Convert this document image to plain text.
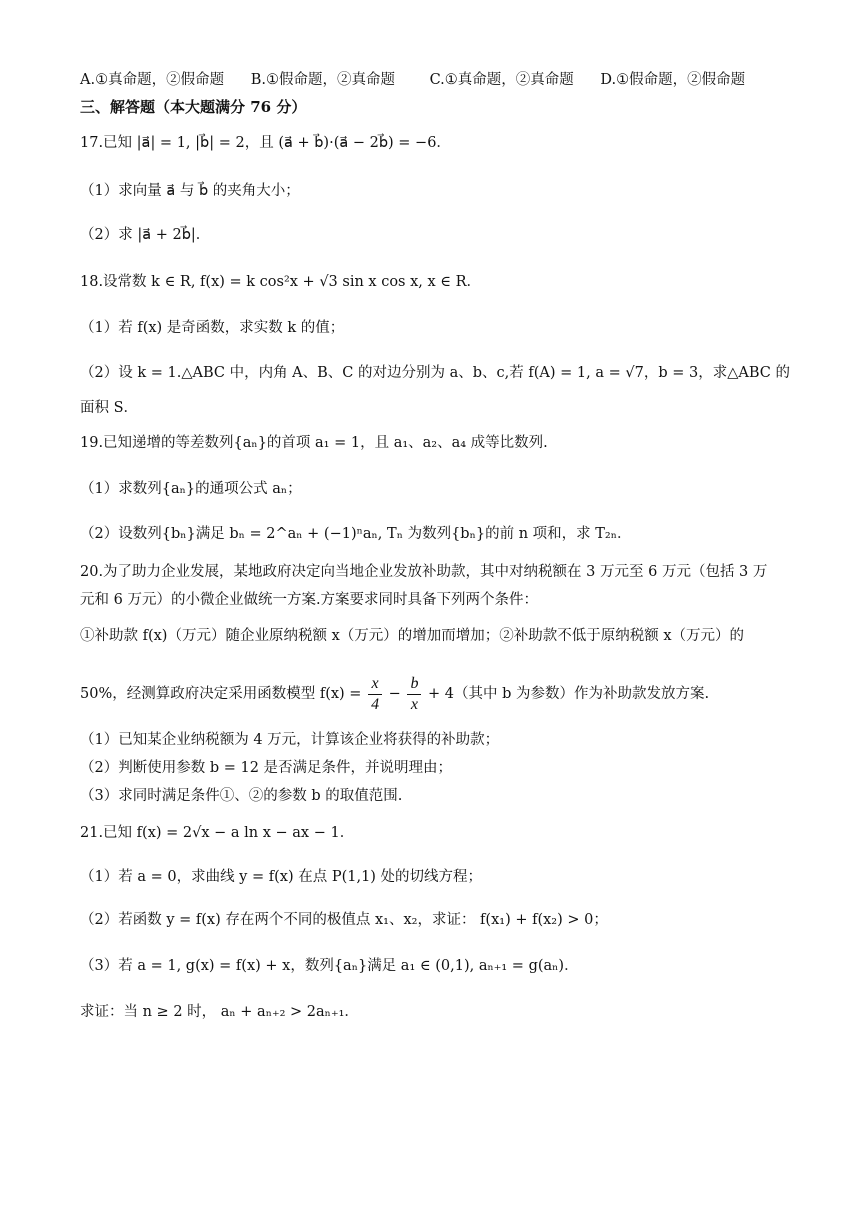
A.①真命题，②假命题 B.①假命题，②真命题 C.①真命题，②真命题 D.①假命题，②假命题
三、解答题（本大题满分 76 分）
17.已知 |a⃗| = 1, |b⃗| = 2，且 (a⃗ + b⃗)·(a⃗ − 2b⃗) = −6．
（1）求向量 a⃗ 与 b⃗ 的夹角大小；
（2）求 |a⃗ + 2b⃗|．
18.设常数 k ∈ R, f(x) = k cos²x + √3 sin x cos x, x ∈ R．
（1）若 f(x) 是奇函数，求实数 k 的值；
（2）设 k = 1.△ABC 中，内角 A、B、C 的对边分别为 a、b、c,若 f(A) = 1, a = √7，b = 3，求△ABC 的
面积 S．
19.已知递增的等差数列{aₙ}的首项 a₁ = 1，且 a₁、a₂、a₄ 成等比数列.
（1）求数列{aₙ}的通项公式 aₙ；
（2）设数列{bₙ}满足 bₙ = 2^aₙ + (−1)ⁿaₙ, Tₙ 为数列{bₙ}的前 n 项和，求 T₂ₙ．
20.为了助力企业发展，某地政府决定向当地企业发放补助款，其中对纳税额在 3 万元至 6 万元（包括 3 万
元和 6 万元）的小微企业做统一方案.方案要求同时具备下列两个条件：
①补助款 f(x)（万元）随企业原纳税额 x（万元）的增加而增加；②补助款不低于原纳税额 x（万元）的
50%，经测算政府决定采用函数模型 $f(x) = \frac{x}{4} - \frac{b}{x} + 4$（其中 b 为参数）作为补助款发放方案.
（1）已知某企业纳税额为 4 万元，计算该企业将获得的补助款；
（2）判断使用参数 b = 12 是否满足条件，并说明理由；
（3）求同时满足条件①、②的参数 b 的取值范围.
21.已知 f(x) = 2√x − a ln x − ax − 1．
（1）若 a = 0，求曲线 y = f(x) 在点 P(1,1) 处的切线方程；
（2）若函数 y = f(x) 存在两个不同的极值点 x₁、x₂，求证： f(x₁) + f(x₂) > 0；
（3）若 a = 1, g(x) = f(x) + x，数列{aₙ}满足 a₁ ∈ (0,1), aₙ₊₁ = g(aₙ)．
求证：当 n ≥ 2 时， aₙ + aₙ₊₂ > 2aₙ₊₁．
